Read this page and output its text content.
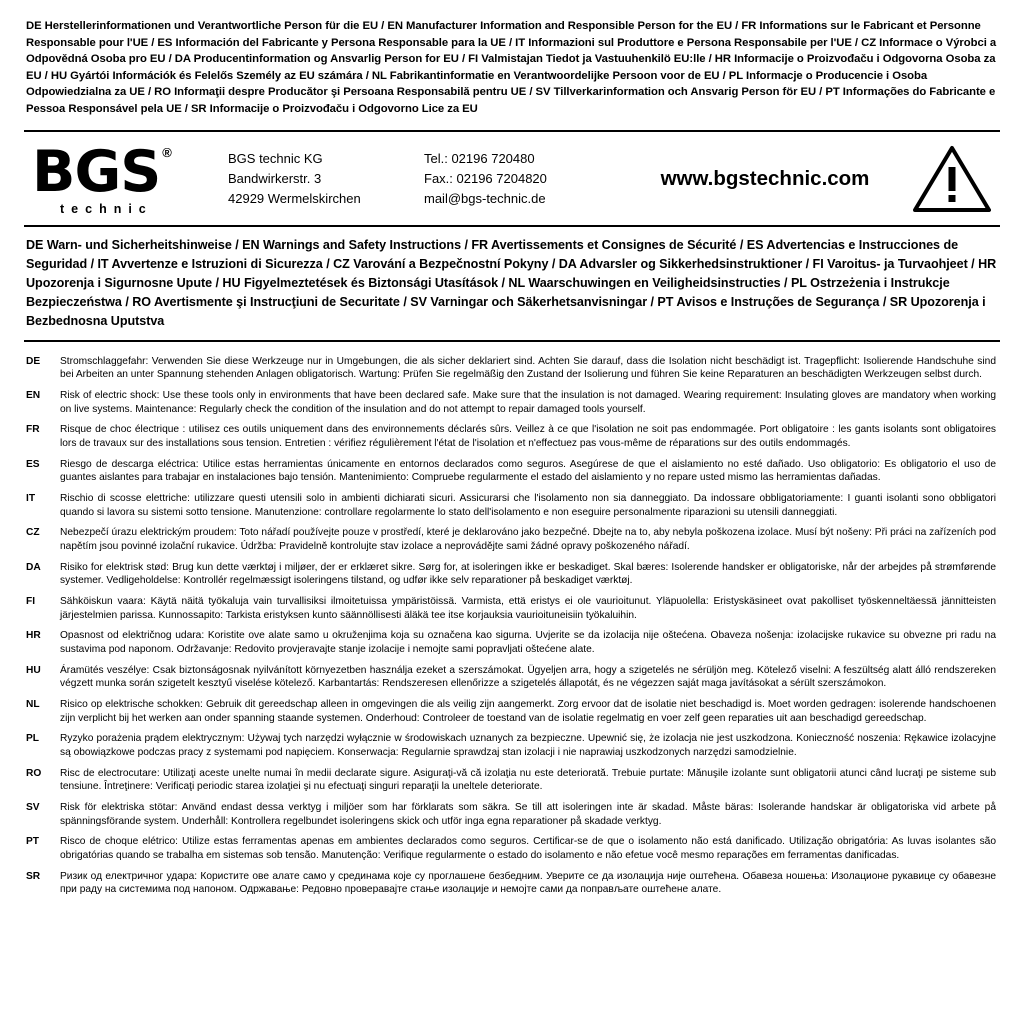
DE Herstellerinformationen und Verantwortliche Person für die EU / EN Manufacturer Information and Responsible Person for the EU / FR Informations sur le Fabricant et Personne Responsable pour l'UE / ES Información del Fabricante y Persona Responsable para la UE / IT Informazioni sul Produttore e Persona Responsabile per l'UE / CZ Informace o Výrobci a Odpovědná Osoba pro EU / DA Producentinformation og Ansvarlig Person for EU / FI Valmistajan Tiedot ja Vastuuhenkilö EU:lle / HR Informacije o Proizvođaču i Odgovorna Osoba za EU / HU Gyártói Információk és Felelős Személy az EU számára / NL Fabrikantinformatie en Verantwoordelijke Persoon voor de EU / PL Informacje o Producencie i Osoba Odpowiedzialna za UE / RO Informaţii despre Producător şi Persoana Responsabilă pentru UE / SV Tillverkarinformation och Ansvarig Person för EU / PT Informações do Fabricante e Pessoa Responsável pela UE / SR Informacije o Proizvođaču i Odgovorno Lice za EU
BGS ®
technic
BGS technic KG
Bandwirkerstr. 3
42929 Wermelskirchen
Tel.: 02196 720480
Fax.: 02196 7204820
mail@bgs-technic.de
www.bgstechnic.com
DE Warn- und Sicherheitshinweise / EN Warnings and Safety Instructions / FR Avertissements et Consignes de Sécurité / ES Advertencias e Instrucciones de Seguridad / IT Avvertenze e Istruzioni di Sicurezza / CZ Varování a Bezpečnostní Pokyny / DA Advarsler og Sikkerhedsinstruktioner / FI Varoitus- ja Turvaohjeet / HR Upozorenja i Sigurnosne Upute / HU Figyelmeztetések és Biztonsági Utasítások / NL Waarschuwingen en Veiligheidsinstructies / PL Ostrzeżenia i Instrukcje Bezpieczeństwa / RO Avertismente şi Instrucţiuni de Securitate / SV Varningar och Säkerhetsanvisningar / PT Avisos e Instruções de Segurança / SR Upozorenja i Bezbednosna Uputstva
DE	Stromschlaggefahr: Verwenden Sie diese Werkzeuge nur in Umgebungen, die als sicher deklariert sind. Achten Sie darauf, dass die Isolation nicht beschädigt ist. Tragepflicht: Isolierende Handschuhe sind bei Arbeiten an unter Spannung stehenden Anlagen obligatorisch. Wartung: Prüfen Sie regelmäßig den Zustand der Isolierung und führen Sie keine Reparaturen an beschädigten Werkzeugen selbst durch.
EN	Risk of electric shock: Use these tools only in environments that have been declared safe. Make sure that the insulation is not damaged. Wearing requirement: Insulating gloves are mandatory when working on live systems. Maintenance: Regularly check the condition of the insulation and do not attempt to repair damaged tools yourself.
FR	Risque de choc électrique : utilisez ces outils uniquement dans des environnements déclarés sûrs. Veillez à ce que l'isolation ne soit pas endommagée. Port obligatoire : les gants isolants sont obligatoires lors de travaux sur des installations sous tension. Entretien : vérifiez régulièrement l'état de l'isolation et n'effectuez pas vous-même de réparations sur des outils endommagés.
ES	Riesgo de descarga eléctrica: Utilice estas herramientas únicamente en entornos declarados como seguros. Asegúrese de que el aislamiento no esté dañado. Uso obligatorio: Es obligatorio el uso de guantes aislantes para trabajar en instalaciones bajo tensión. Mantenimiento: Compruebe regularmente el estado del aislamiento y no repare usted mismo las herramientas dañadas.
IT	Rischio di scosse elettriche: utilizzare questi utensili solo in ambienti dichiarati sicuri. Assicurarsi che l'isolamento non sia danneggiato. Da indossare obbligatoriamente: I guanti isolanti sono obbligatori quando si lavora su sistemi sotto tensione. Manutenzione: controllare regolarmente lo stato dell'isolamento e non eseguire personalmente riparazioni su utensili danneggiati.
CZ	Nebezpečí úrazu elektrickým proudem: Toto nářadí používejte pouze v prostředí, které je deklarováno jako bezpečné. Dbejte na to, aby nebyla poškozena izolace. Musí být nošeny: Při práci na zařízeních pod napětím jsou povinné izolační rukavice. Údržba: Pravidelně kontrolujte stav izolace a neprovádějte sami žádné opravy poškozeného nářadí.
DA	Risiko for elektrisk stød: Brug kun dette værktøj i miljøer, der er erklæret sikre. Sørg for, at isoleringen ikke er beskadiget. Skal bæres: Isolerende handsker er obligatoriske, når der arbejdes på strømførende systemer. Vedligeholdelse: Kontrollér regelmæssigt isoleringens tilstand, og udfør ikke selv reparationer på beskadiget værktøj.
FI	Sähköiskun vaara: Käytä näitä työkaluja vain turvallisiksi ilmoitetuissa ympäristöissä. Varmista, että eristys ei ole vaurioitunut. Yläpuolella: Eristyskäsineet ovat pakolliset työskenneltäessä jännitteisten järjestelmien parissa. Kunnossapito: Tarkista eristyksen kunto säännöllisesti äläkä tee itse korjauksia vaurioituneisiin työkaluihin.
HR	Opasnost od električnog udara: Koristite ove alate samo u okruženjima koja su označena kao sigurna. Uvjerite se da izolacija nije oštećena. Obaveza nošenja: izolacijske rukavice su obvezne pri radu na sustavima pod naponom. Održavanje: Redovito provjeravajte stanje izolacije i nemojte sami popravljati oštećene alate.
HU	Áramütés veszélye: Csak biztonságosnak nyilvánított környezetben használja ezeket a szerszámokat. Ügyeljen arra, hogy a szigetelés ne sérüljön meg. Kötelező viselni: A feszültség alatt álló rendszereken végzett munka során szigetelt kesztyű viselése kötelező. Karbantartás: Rendszeresen ellenőrizze a szigetelés állapotát, és ne végezzen saját maga javításokat a sérült szerszámokon.
NL	Risico op elektrische schokken: Gebruik dit gereedschap alleen in omgevingen die als veilig zijn aangemerkt. Zorg ervoor dat de isolatie niet beschadigd is. Moet worden gedragen: isolerende handschoenen zijn verplicht bij het werken aan onder spanning staande systemen. Onderhoud: Controleer de toestand van de isolatie regelmatig en voer zelf geen reparaties uit aan beschadigd gereedschap.
PL	Ryzyko porażenia prądem elektrycznym: Używaj tych narzędzi wyłącznie w środowiskach uznanych za bezpieczne. Upewnić się, że izolacja nie jest uszkodzona. Konieczność noszenia: Rękawice izolacyjne są obowiązkowe podczas pracy z systemami pod napięciem. Konserwacja: Regularnie sprawdzaj stan izolacji i nie naprawiaj uszkodzonych narzędzi samodzielnie.
RO	Risc de electrocutare: Utilizaţi aceste unelte numai în medii declarate sigure. Asiguraţi-vă că izolaţia nu este deteriorată. Trebuie purtate: Mănuşile izolante sunt obligatorii atunci când lucraţi pe sisteme sub tensiune. Întreţinere: Verificaţi periodic starea izolaţiei şi nu efectuaţi singuri reparaţii la uneltele deteriorate.
SV	Risk för elektriska stötar: Använd endast dessa verktyg i miljöer som har förklarats som säkra. Se till att isoleringen inte är skadad. Måste bäras: Isolerande handskar är obligatoriska vid arbete på spänningsförande system. Underhåll: Kontrollera regelbundet isoleringens skick och utför inga egna reparationer på skadade verktyg.
PT	Risco de choque elétrico: Utilize estas ferramentas apenas em ambientes declarados como seguros. Certificar-se de que o isolamento não está danificado. Utilização obrigatória: As luvas isolantes são obrigatórias quando se trabalha em sistemas sob tensão. Manutenção: Verifique regularmente o estado do isolamento e não efetue você mesmo reparações em ferramentas danificadas.
SR	Ризик од електричног удара: Користите ове алате само у срединама које су проглашене безбедним. Уверите се да изолација није оштећена. Обавеза ношења: Изолационе рукавице су обавезне при раду на системима под напоном. Одржавање: Редовно проверавајте стање изолације и немојте сами да поправљате оштећене алате.
